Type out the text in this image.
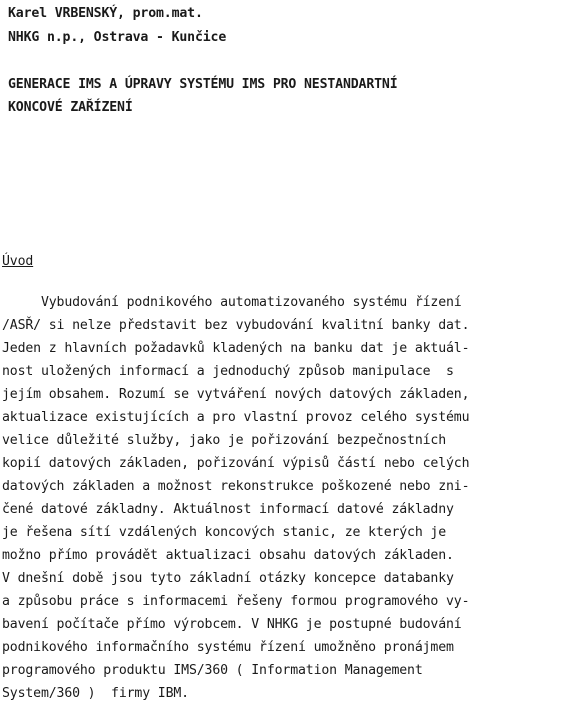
Karel VRBENSKÝ, prom.mat.
NHKG n.p., Ostrava - Kunčice
GENERACE IMS A ÚPRAVY SYSTÉMU IMS PRO NESTANDARTNÍ
KONCOVÉ ZAŘÍZENÍ
Úvod
Vybudování podnikového automatizovaného systému řízení
/ASŘ/ si nelze představit bez vybudování kvalitní banky dat.
Jeden z hlavních požadavků kladených na banku dat je aktuál-
nost uložených informací a jednoduchý způsob manipulace  s
jejím obsahem. Rozumí se vytváření nových datových základen,
aktualizace existujících a pro vlastní provoz celého systému
velice důležité služby, jako je pořizování bezpečnostních
kopií datových základen, pořizování výpisů částí nebo celých
datových základen a možnost rekonstrukce poškozené nebo zni-
čené datové základny. Aktuálnost informací datové základny
je řešena sítí vzdálených koncových stanic, ze kterých je
možno přímo provádět aktualizaci obsahu datových základen.
V dnešní době jsou tyto základní otázky koncepce databanky
a způsobu práce s informacemi řešeny formou programového vy-
bavení počítače přímo výrobcem. V NHKG je postupné budování
podnikového informačního systému řízení umožněno pronájmem
programového produktu IMS/360 ( Information Management
System/360 )  firmy IBM.
